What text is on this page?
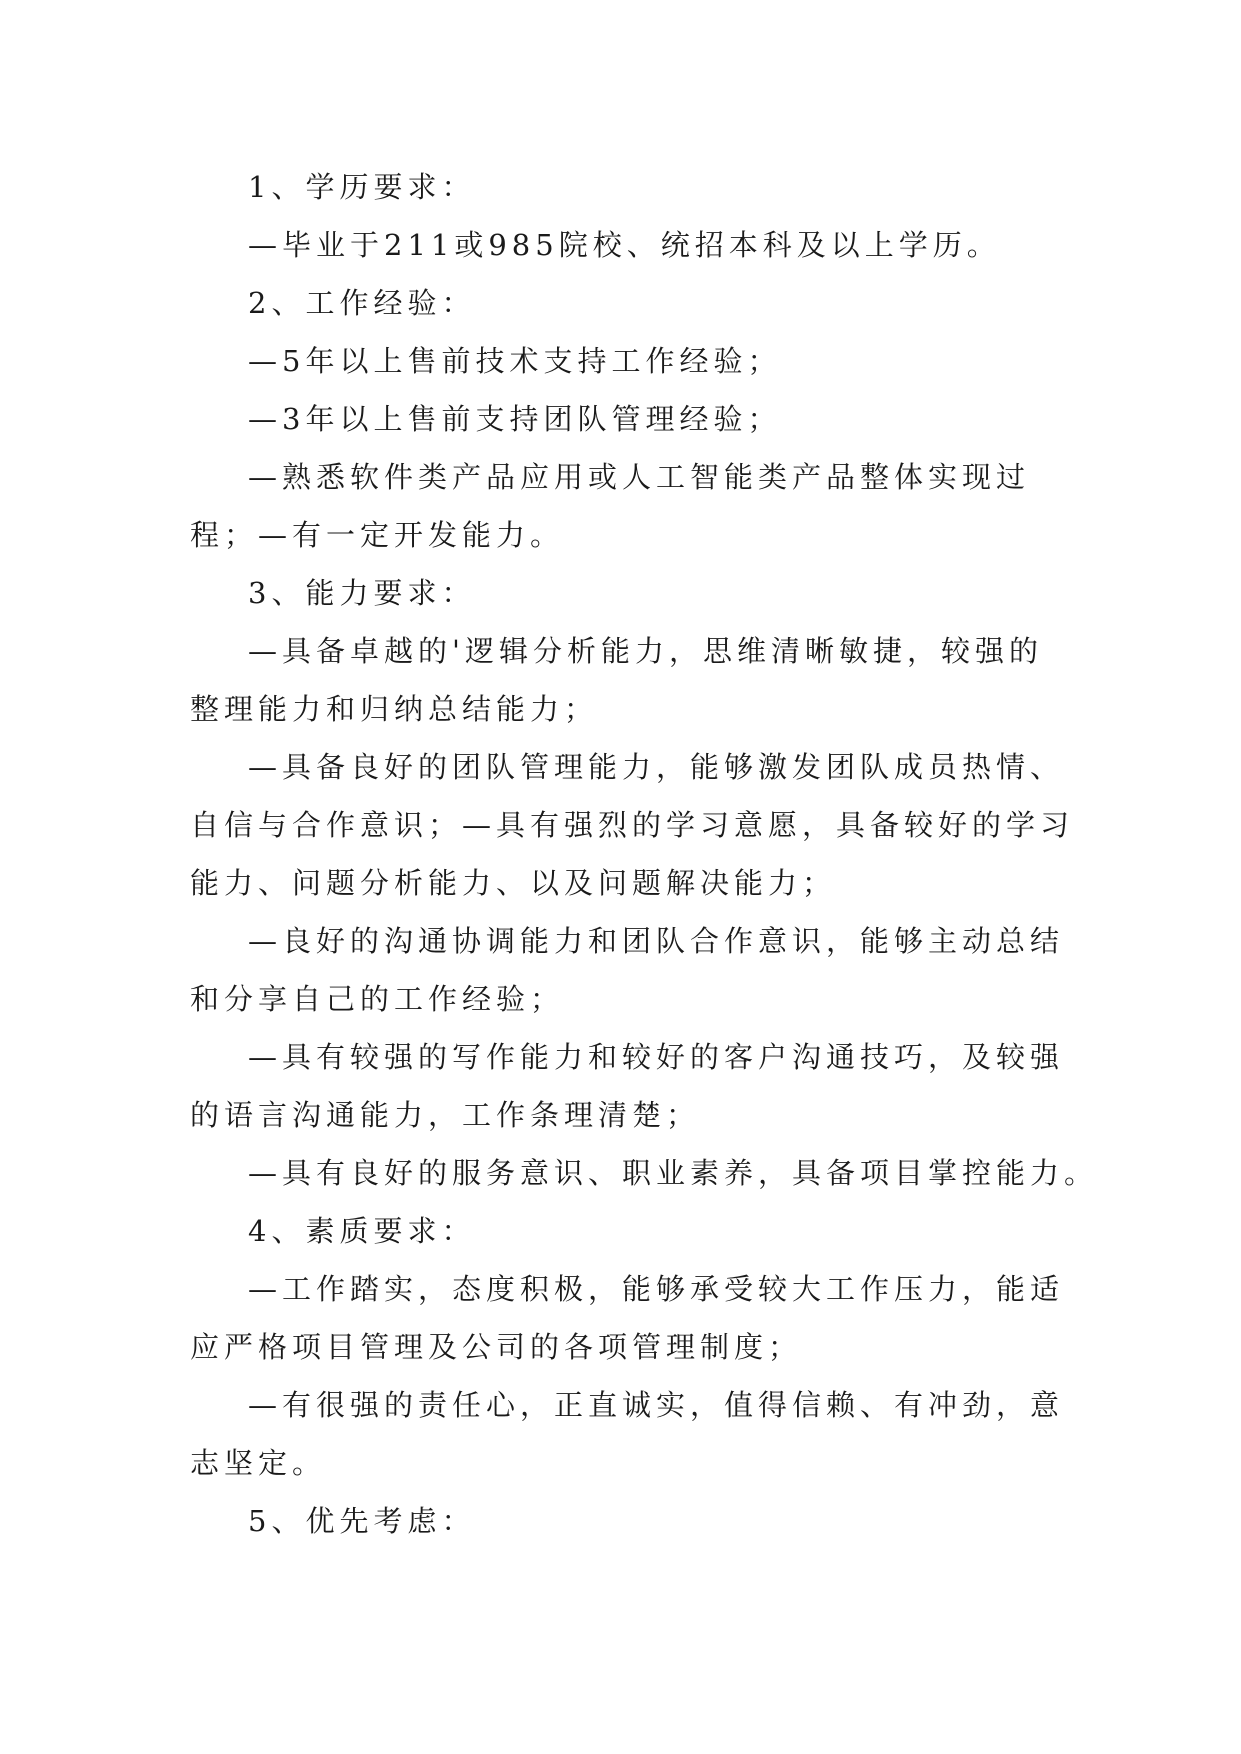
1、学历要求：
—毕业于211或985院校、统招本科及以上学历。
2、工作经验：
—5年以上售前技术支持工作经验；
—3年以上售前支持团队管理经验；
—熟悉软件类产品应用或人工智能类产品整体实现过
程；—有一定开发能力。
3、能力要求：
—具备卓越的'逻辑分析能力，思维清晰敏捷，较强的
整理能力和归纳总结能力；
—具备良好的团队管理能力，能够激发团队成员热情、
自信与合作意识；—具有强烈的学习意愿，具备较好的学习
能力、问题分析能力、以及问题解决能力；
—良好的沟通协调能力和团队合作意识，能够主动总结
和分享自己的工作经验；
—具有较强的写作能力和较好的客户沟通技巧，及较强
的语言沟通能力，工作条理清楚；
—具有良好的服务意识、职业素养，具备项目掌控能力。
4、素质要求：
—工作踏实，态度积极，能够承受较大工作压力，能适
应严格项目管理及公司的各项管理制度；
—有很强的责任心，正直诚实，值得信赖、有冲劲，意
志坚定。
5、优先考虑：
